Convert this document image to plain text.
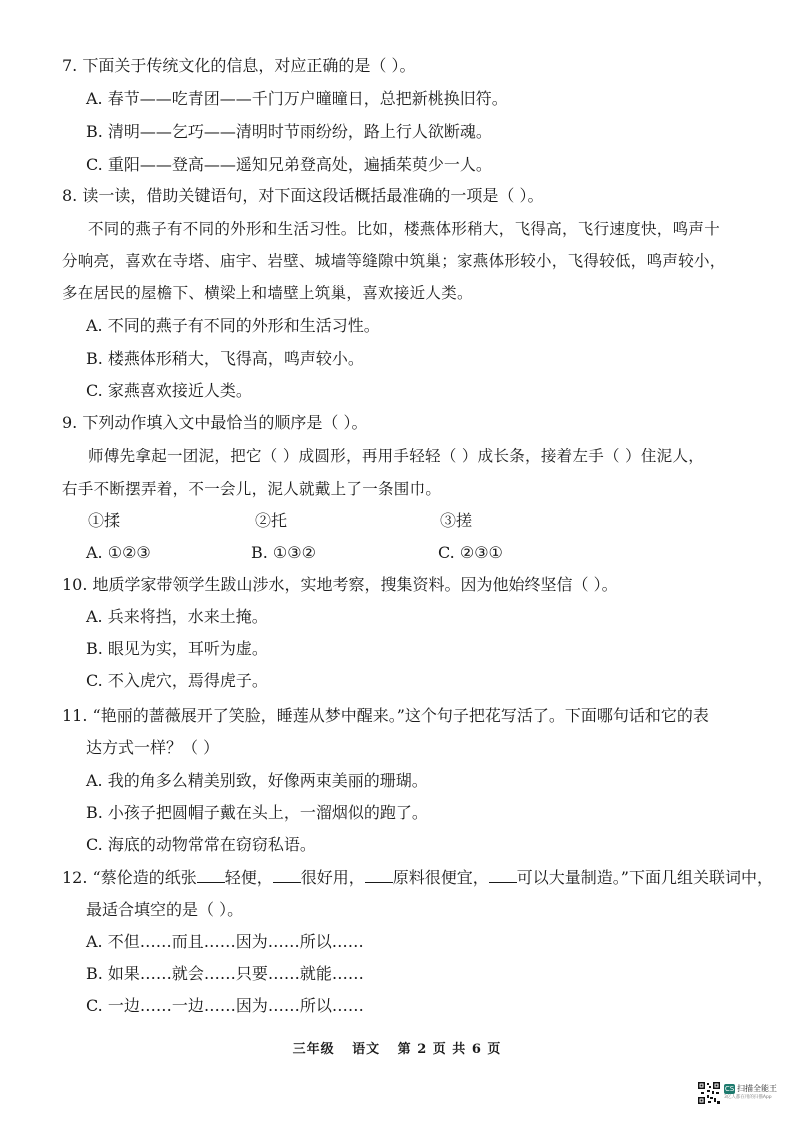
7. 下面关于传统文化的信息，对应正确的是（ ）。
A. 春节——吃青团——千门万户曈曈日，总把新桃换旧符。
B. 清明——乞巧——清明时节雨纷纷，路上行人欲断魂。
C. 重阳——登高——遥知兄弟登高处，遍插茱萸少一人。
8. 读一读，借助关键语句，对下面这段话概括最准确的一项是（ ）。
不同的燕子有不同的外形和生活习性。比如，楼燕体形稍大，飞得高，飞行速度快，鸣声十
分响亮，喜欢在寺塔、庙宇、岩壁、城墙等缝隙中筑巢；家燕体形较小，飞得较低，鸣声较小，
多在居民的屋檐下、横梁上和墙壁上筑巢，喜欢接近人类。
A. 不同的燕子有不同的外形和生活习性。
B. 楼燕体形稍大，飞得高，鸣声较小。
C. 家燕喜欢接近人类。
9. 下列动作填入文中最恰当的顺序是（ ）。
师傅先拿起一团泥，把它（ ）成圆形，再用手轻轻（ ）成长条，接着左手（ ）住泥人，
右手不断摆弄着，不一会儿，泥人就戴上了一条围巾。
①揉	②托	③搓
A. ①②③	B. ①③②	C. ②③①
10. 地质学家带领学生跋山涉水，实地考察，搜集资料。因为他始终坚信（ ）。
A. 兵来将挡，水来土掩。
B. 眼见为实，耳听为虚。
C. 不入虎穴，焉得虎子。
11. “艳丽的蔷薇展开了笑脸，睡莲从梦中醒来。”这个句子把花写活了。下面哪句话和它的表
达方式一样？（ ）
A. 我的角多么精美别致，好像两束美丽的珊瑚。
B. 小孩子把圆帽子戴在头上，一溜烟似的跑了。
C. 海底的动物常常在窃窃私语。
12. “蔡伦造的纸张 轻便， 很好用， 原料很便宜， 可以大量制造。”下面几组关联词中，
最适合填空的是（ ）。
A. 不但……而且……因为……所以……
B. 如果……就会……只要……就能……
C. 一边……一边……因为……所以……
三年级 语文 第 2 页 共 6 页
CS 扫描全能王
3亿人都在用的扫描App
